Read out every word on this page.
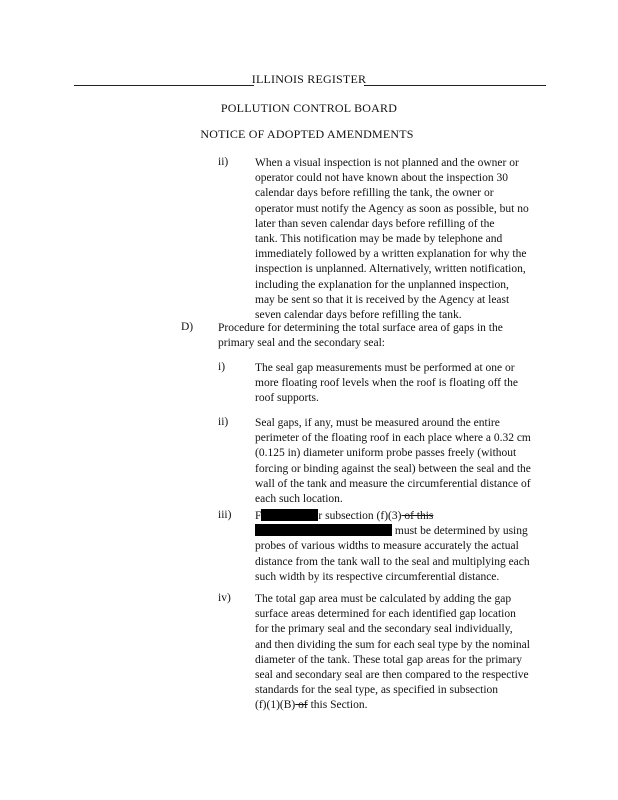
ILLINOIS REGISTER
POLLUTION CONTROL BOARD
NOTICE OF ADOPTED AMENDMENTS
ii) When a visual inspection is not planned and the owner or
operator could not have known about the inspection 30
calendar days before refilling the tank, the owner or
operator must notify the Agency as soon as possible, but no
later than seven calendar days before refilling of the
tank. This notification may be made by telephone and
immediately followed by a written explanation for why the
inspection is unplanned. Alternatively, written notification,
including the explanation for the unplanned inspection,
may be sent so that it is received by the Agency at least
seven calendar days before refilling the tank.
D) Procedure for determining the total surface area of gaps in the
primary seal and the secondary seal:
i)	The seal gap measurements must be performed at one or
more floating roof levels when the roof is floating off the
roof supports.
ii) Seal gaps, if any, must be measured around the entire
perimeter of the floating roof in each place where a 0.32 cm
(0.125 in) diameter uniform probe passes freely (without
forcing or binding against the seal) between the seal and the
wall of the tank and measure the circumferential distance of
each such location.
iii) F	r subsection (f)(3) of this
must be determined by using
probes of various widths to measure accurately the actual
distance from the tank wall to the seal and multiplying each
such width by its respective circumferential distance.
iv) The total gap area must be calculated by adding the gap
surface areas determined for each identified gap location
for the primary seal and the secondary seal individually,
and then dividing the sum for each seal type by the nominal
diameter of the tank. These total gap areas for the primary
seal and secondary seal are then compared to the respective
standards for the seal type, as specified in subsection
(f)(1)(B) of this Section.
